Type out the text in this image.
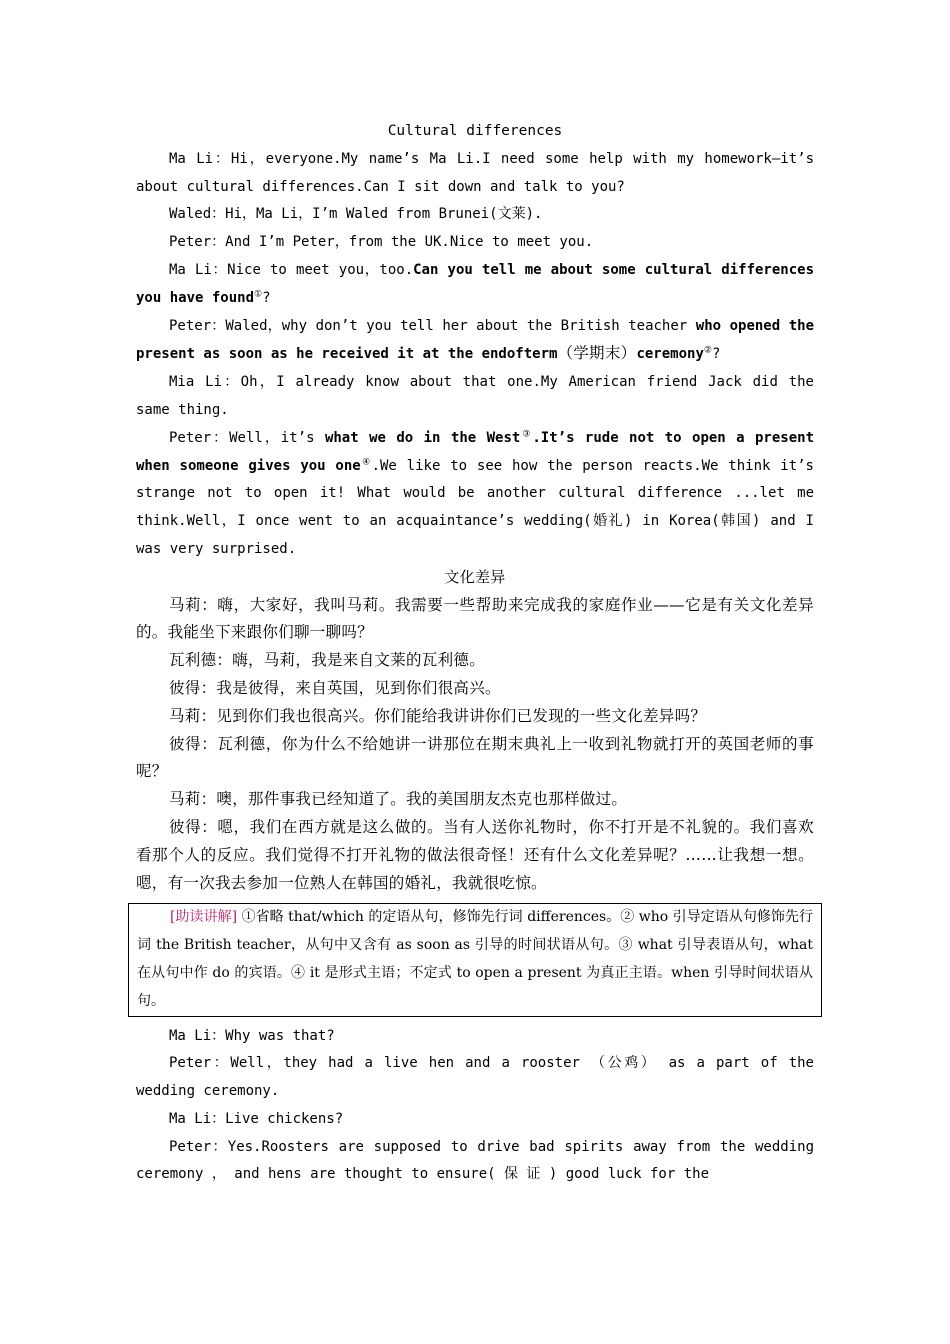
Cultural differences

Ma Li：Hi，everyone.My name’s Ma Li.I need some help with my homework—it’s about cultural differences.Can I sit down and talk to you?

Waled：Hi，Ma Li，I’m Waled from Brunei(文莱).

Peter：And I’m Peter，from the UK.Nice to meet you.

Ma Li：Nice to meet you，too.Can you tell me about some cultural differences you have found①?

Peter：Waled，why don’t you tell her about the British teacher who opened the present as soon as he received it at the endofterm（学期末）ceremony②?

Mia Li：Oh，I already know about that one.My American friend Jack did the same thing.

Peter：Well，it’s what we do in the West③.It’s rude not to open a present when someone gives you one④.We like to see how the person reacts.We think it’s strange not to open it! What would be another cultural difference ...let me think.Well，I once went to an acquaintance’s wedding(婚礼) in Korea(韩国) and I was very surprised.

文化差异

马莉：嗨，大家好，我叫马莉。我需要一些帮助来完成我的家庭作业——它是有关文化差异的。我能坐下来跟你们聊一聊吗？

瓦利德：嗨，马莉，我是来自文莱的瓦利德。

彼得：我是彼得，来自英国，见到你们很高兴。

马莉：见到你们我也很高兴。你们能给我讲讲你们已发现的一些文化差异吗？

彼得：瓦利德，你为什么不给她讲一讲那位在期末典礼上一收到礼物就打开的英国老师的事呢？

马莉：噢，那件事我已经知道了。我的美国朋友杰克也那样做过。

彼得：嗯，我们在西方就是这么做的。当有人送你礼物时，你不打开是不礼貌的。我们喜欢看那个人的反应。我们觉得不打开礼物的做法很奇怪！还有什么文化差异呢？……让我想一想。嗯，有一次我去参加一位熟人在韩国的婚礼，我就很吃惊。

[助读讲解] ①省略 that/which 的定语从句，修饰先行词 differences。② who 引导定语从句修饰先行词 the British teacher，从句中又含有 as soon as 引导的时间状语从句。③ what 引导表语从句，what 在从句中作 do 的宾语。④ it 是形式主语；不定式 to open a present 为真正主语。when 引导时间状语从句。

Ma Li：Why was that?

Peter：Well，they had a live hen and a rooster （公鸡） as a part of the wedding ceremony.

Ma Li：Live chickens?

Peter：Yes.Roosters are supposed to drive bad spirits away from the wedding ceremony ， and hens are thought to ensure( 保 证 ) good luck for the
